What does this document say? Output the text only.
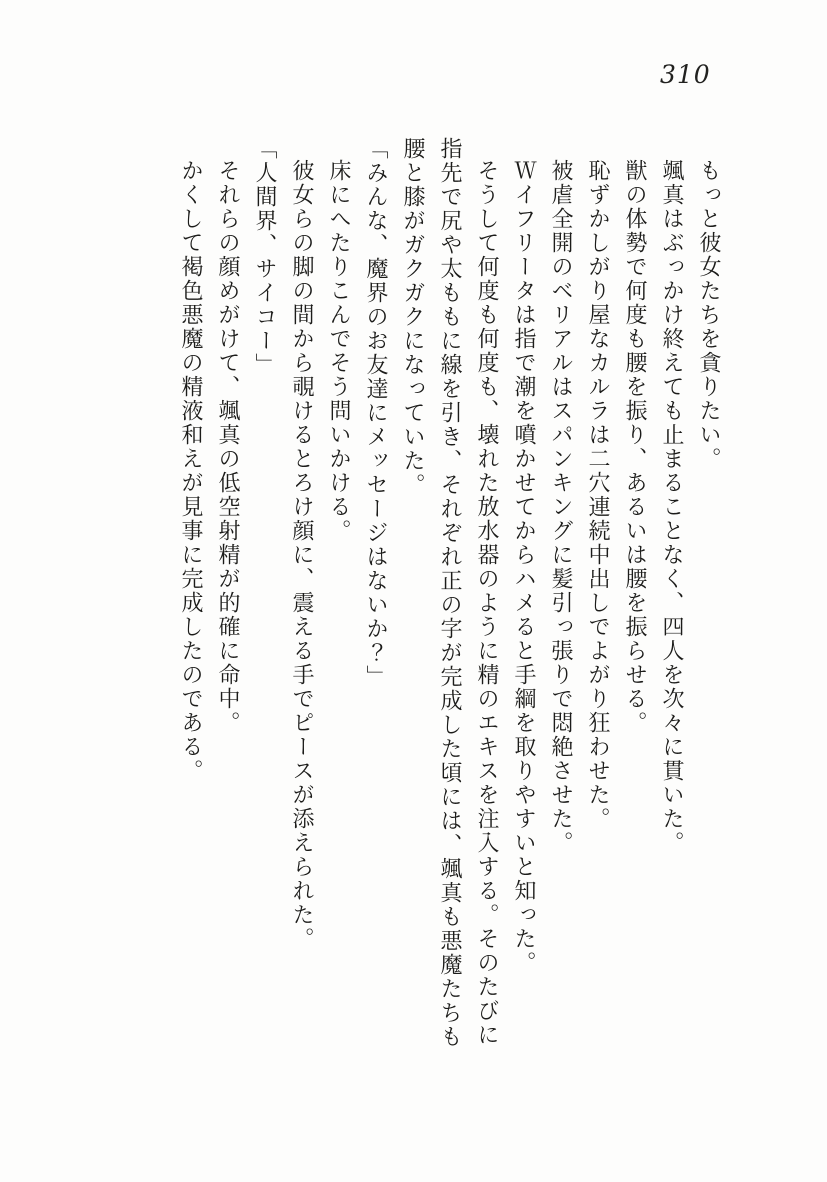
310

もっと彼女たちを貪りたい。

颯真はぶっかけ終えても止まることなく、四人を次々に貫いた。

獣の体勢で何度も腰を振り、あるいは腰を振らせる。

恥ずかしがり屋なカルラは二穴連続中出しでよがり狂わせた。

被虐全開のベリアルはスパンキングに髪引っ張りで悶絶させた。

Ｗイフリータは指で潮を噴かせてからハメると手綱を取りやすいと知った。

そうして何度も何度も、壊れた放水器のように精のエキスを注入する。そのたびに指先で尻や太ももに線を引き、それぞれ正の字が完成した頃には、颯真も悪魔たちも腰と膝がガクガクになっていた。

「みんな、魔界のお友達にメッセージはないか？」

床にへたりこんでそう問いかける。

彼女らの脚の間から覗けるとろけ顔に、震える手でピースが添えられた。

「人間界、サイコー」

それらの顔めがけて、颯真の低空射精が的確に命中。

かくして褐色悪魔の精液和えが見事に完成したのである。
